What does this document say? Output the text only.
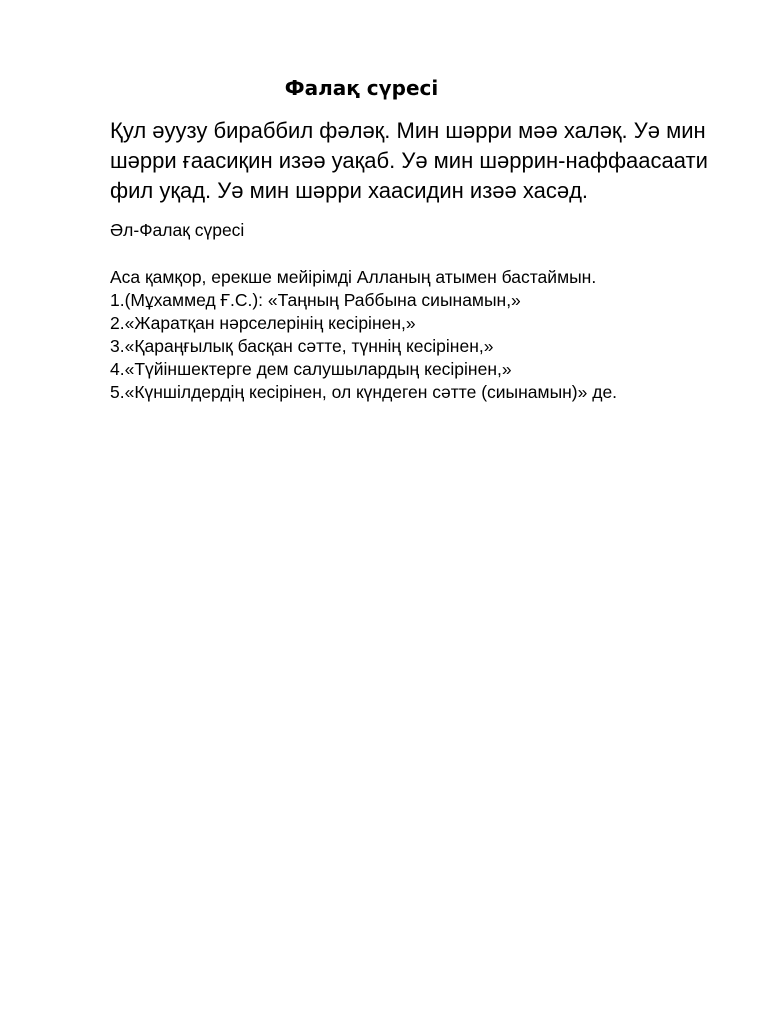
Фалақ сүресі
Қул әуузу бираббил фәләқ. Мин шәрри мәә халәқ. Уә мин шәрри ғаасиқин изәә уақаб. Уә мин шәррин-наффаасаати фил уқад. Уә мин шәрри хаасидин изәә хасәд.
Әл-Фалақ сүресі
Аса қамқор, ерекше мейірімді Алланың атымен бастаймын.
1.(Мұхаммед Ғ.С.): «Таңның Раббына сиынамын,»
2.«Жаратқан нәрселерінің кесірінен,»
3.«Қараңғылық басқан сәтте, түннің кесірінен,»
4.«Түйіншектерге дем салушылардың кесірінен,»
5.«Күншілдердің кесірінен, ол күндеген сәтте (сиынамын)» де.
